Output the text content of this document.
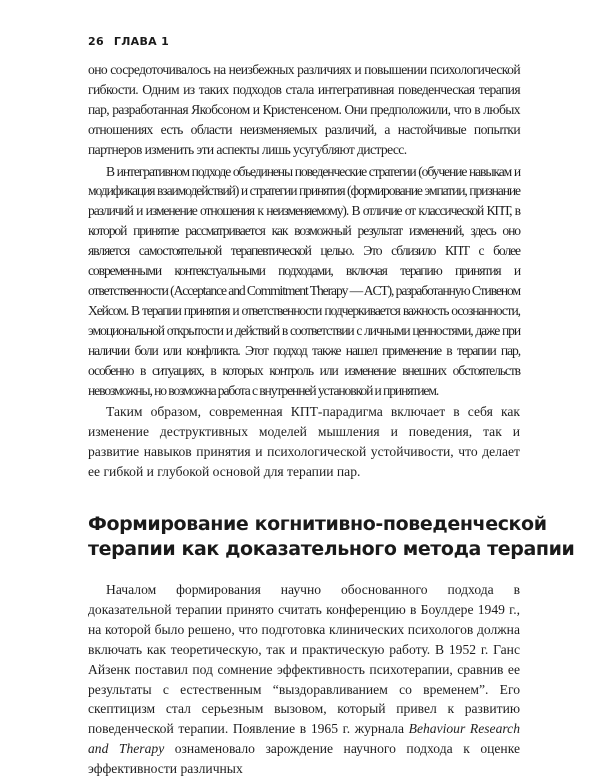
26 ГЛАВА 1

оно сосредоточивалось на неизбежных различиях и повышении психологической гибкости. Одним из таких подходов стала интегративная поведенческая терапия пар, разработанная Якобсоном и Кристенсеном. Они предположили, что в любых отношениях есть области неизменяемых различий, а настойчивые попытки партнеров изменить эти аспекты лишь усугубляют дистресс.

В интегративном подходе объединены поведенческие стратегии (обучение навыкам и модификация взаимодействий) и стратегии принятия (формирование эмпатии, признание различий и изменение отношения к неизменяемому). В отличие от классической КПТ, в которой принятие рассматривается как возможный результат изменений, здесь оно является самостоятельной терапевтической целью. Это сблизило КПТ с более современными контекстуальными подходами, включая терапию принятия и ответственности (Acceptance and Commitment Therapy — ACT), разработанную Стивеном Хейсом. В терапии принятия и ответственности подчеркивается важность осознанности, эмоциональной открытости и действий в соответствии с личными ценностями, даже при наличии боли или конфликта. Этот подход также нашел применение в терапии пар, особенно в ситуациях, в которых контроль или изменение внешних обстоятельств невозможны, но возможна работа с внутренней установкой и принятием.

Таким образом, современная КПТ-парадигма включает в себя как изменение деструктивных моделей мышления и поведения, так и развитие навыков принятия и психологической устойчивости, что делает ее гибкой и глубокой основой для терапии пар.

Формирование когнитивно-поведенческой
терапии как доказательного метода терапии

Началом формирования научно обоснованного подхода в доказательной терапии принято считать конференцию в Боулдере 1949 г., на которой было решено, что подготовка клинических психологов должна включать как теоретическую, так и практическую работу. В 1952 г. Ганс Айзенк поставил под сомнение эффективность психотерапии, сравнив ее результаты с естественным “выздоравливанием со временем”. Его скептицизм стал серьезным вызовом, который привел к развитию поведенческой терапии. Появление в 1965 г. журнала Behaviour Research and Therapy ознаменовало зарождение научного подхода к оценке эффективности различных
